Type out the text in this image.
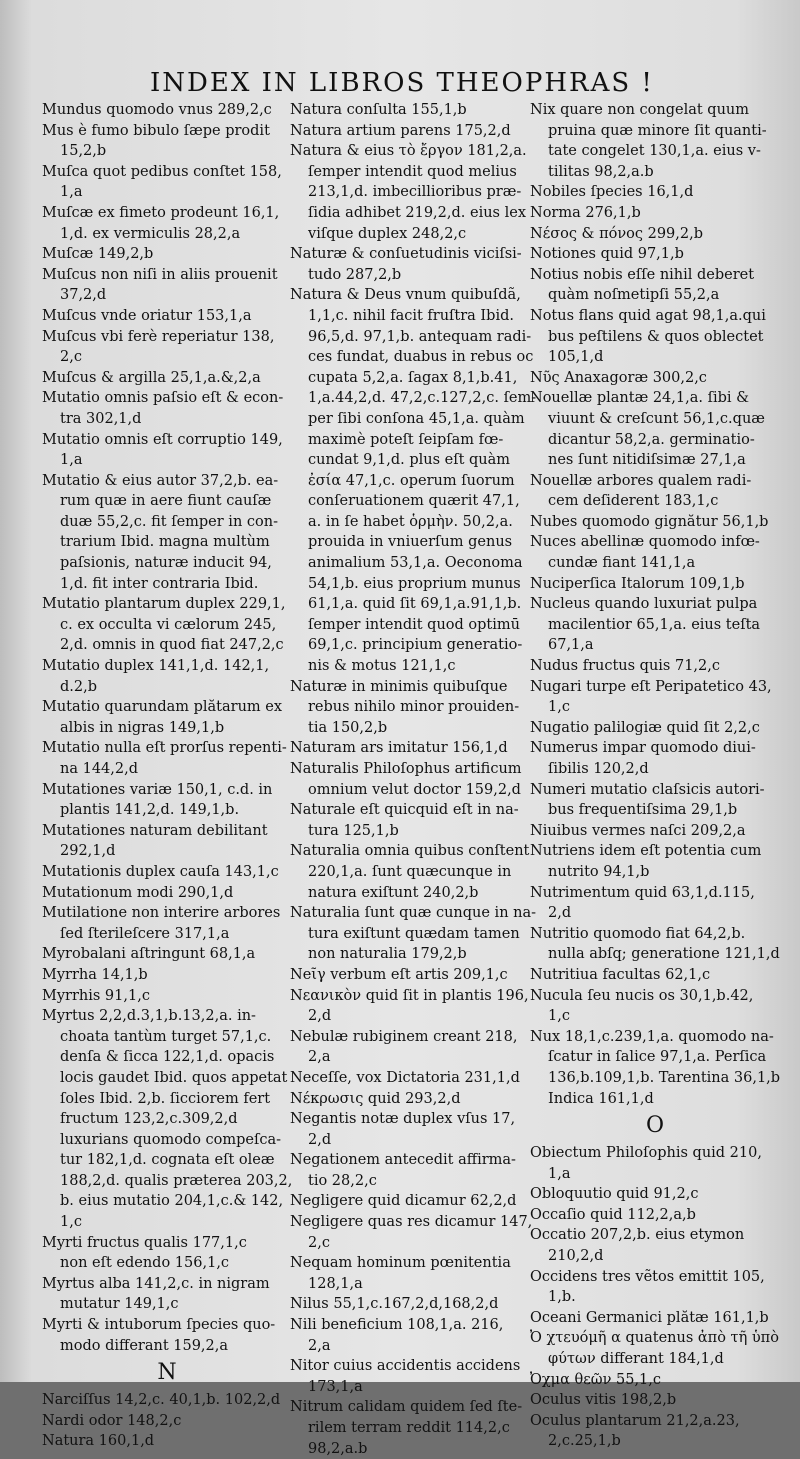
INDEX IN LIBROS THEOPHRAS !
Mundus quomodo vnus 289,2,c
Mus è fumo bibulo ſæpe prodit
15,2,b
Muſca quot pedibus conſtet 158,
1,a
Muſcæ ex fimeto prodeunt 16,1,
1,d. ex vermiculis 28,2,a
Muſcæ 149,2,b
Muſcus non niſi in aliis prouenit
37,2,d
Muſcus vnde oriatur 153,1,a
Muſcus vbi ferè reperiatur 138,
2,c
Muſcus & argilla 25,1,a.&,2,a
Mutatio omnis paſsio eſt & econ-
tra 302,1,d
Mutatio omnis eſt corruptio 149,
1,a
Mutatio & eius autor 37,2,b. ea-
rum quæ in aere fiunt cauſæ
duæ 55,2,c. fit ſemper in con-
trarium Ibid. magna multùm
paſsionis, naturæ inducit 94,
1,d. fit inter contraria Ibid.
Mutatio plantarum duplex 229,1,
c. ex occulta vi cælorum 245,
2,d. omnis in quod fiat 247,2,c
Mutatio duplex 141,1,d. 142,1,
d.2,b
Mutatio quarundam plătarum ex
albis in nigras 149,1,b
Mutatio nulla eſt prorſus repenti-
na 144,2,d
Mutationes variæ 150,1, c.d. in
plantis 141,2,d. 149,1,b.
Mutationes naturam debilitant
292,1,d
Mutationis duplex cauſa 143,1,c
Mutationum modi 290,1,d
Mutilatione non interire arbores
ſed ſterileſcere 317,1,a
Myrobalani aſtringunt 68,1,a
Myrrha 14,1,b
Myrrhis 91,1,c
Myrtus 2,2,d.3,1,b.13,2,a. in-
choata tantùm turget 57,1,c.
denſa & ſicca 122,1,d. opacis
locis gaudet Ibid. quos appetat
ſoles Ibid. 2,b. ſicciorem fert
fructum 123,2,c.309,2,d
luxurians quomodo compeſca-
tur 182,1,d. cognata eſt oleæ
188,2,d. qualis præterea 203,2,
b. eius mutatio 204,1,c.& 142,
1,c
Myrti fructus qualis 177,1,c
non eſt edendo 156,1,c
Myrtus alba 141,2,c. in nigram
mutatur 149,1,c
Myrti & intuborum ſpecies quo-
modo differant 159,2,a
N
Narciſſus 14,2,c. 40,1,b. 102,2,d
Nardi odor 148,2,c
Natura 160,1,d
Natura conſulta 155,1,b
Natura artium parens 175,2,d
Natura & eius τὸ ἔργον 181,2,a.
ſemper intendit quod melius
213,1,d. imbecillioribus præ-
ſidia adhibet 219,2,d. eius lex
viſque duplex 248,2,c
Naturæ & conſuetudinis viciſsi-
tudo 287,2,b
Natura & Deus vnum quibuſdã,
1,1,c. nihil facit fruſtra Ibid.
96,5,d. 97,1,b. antequam radi-
ces fundat, duabus in rebus oc
cupata 5,2,a. ſagax 8,1,b.41,
1,a.44,2,d. 47,2,c.127,2,c. ſem-
per ſibi conſona 45,1,a. quàm
maximè poteſt ſeipſam fœ-
cundat 9,1,d. plus eſt quàm
ἐσία 47,1,c. operum ſuorum
conſeruationem quærit 47,1,
a. in ſe habet ὁρμὴν. 50,2,a.
prouida in vniuerſum genus
animalium 53,1,a. Oeconoma
54,1,b. eius proprium munus
61,1,a. quid ſit 69,1,a.91,1,b.
ſemper intendit quod optimū
69,1,c. principium generatio-
nis & motus 121,1,c
Naturæ in minimis quibuſque
rebus nihilo minor prouiden-
tia 150,2,b
Naturam ars imitatur 156,1,d
Naturalis Philoſophus artificum
omnium velut doctor 159,2,d
Naturale eſt quicquid eſt in na-
tura 125,1,b
Naturalia omnia quibus conſtent
220,1,a. ſunt quæcunque in
natura exiſtunt 240,2,b
Naturalia ſunt quæ cunque in na-
tura exiſtunt quædam tamen
non naturalia 179,2,b
Neῖγ verbum eſt artis 209,1,c
Νεανικὸν quid ſit in plantis 196,
2,d
Nebulæ rubiginem creant 218,
2,a
Neceſſe, vox Dictatoria 231,1,d
Νέκρωσις quid 293,2,d
Negantis notæ duplex vſus 17,
2,d
Negationem antecedit affirma-
tio 28,2,c
Negligere quid dicamur 62,2,d
Negligere quas res dicamur 147,
2,c
Nequam hominum pœnitentia
128,1,a
Nilus 55,1,c.167,2,d,168,2,d
Nili beneficium 108,1,a. 216,
2,a
Nitor cuius accidentis accidens
173,1,a
Nitrum calidam quidem ſed ſte-
rilem terram reddit 114,2,c
98,2,a.b
Nix quare non congelat quum
pruina quæ minore ſit quanti-
tate congelet 130,1,a. eius v-
tilitas 98,2,a.b
Nobiles ſpecies 16,1,d
Norma 276,1,b
Νέσος & πόνος 299,2,b
Notiones quid 97,1,b
Notius nobis eſſe nihil deberet
quàm noſmetipſi 55,2,a
Notus flans quid agat 98,1,a.qui
bus peſtilens & quos oblectet
105,1,d
Νῦς Anaxagoræ 300,2,c
Nouellæ plantæ 24,1,a. ſibi &
viuunt & creſcunt 56,1,c.quæ
dicantur 58,2,a. germinatio-
nes ſunt nitidiſsimæ 27,1,a
Nouellæ arbores qualem radi-
cem deſiderent 183,1,c
Nubes quomodo gignătur 56,1,b
Nuces abellinæ quomodo infœ-
cundæ fiant 141,1,a
Nuciperſica Italorum 109,1,b
Nucleus quando luxuriat pulpa
macilentior 65,1,a. eius teſta
67,1,a
Nudus fructus quis 71,2,c
Nugari turpe eſt Peripatetico 43,
1,c
Nugatio palilogiæ quid ſit 2,2,c
Numerus impar quomodo diui-
ſibilis 120,2,d
Numeri mutatio claſsicis autori-
bus frequentiſsima 29,1,b
Niuibus vermes naſci 209,2,a
Nutriens idem eſt potentia cum
nutrito 94,1,b
Nutrimentum quid 63,1,d.115,
2,d
Nutritio quomodo fiat 64,2,b.
nulla abſq; generatione 121,1,d
Nutritiua facultas 62,1,c
Nucula ſeu nucis os 30,1,b.42,
1,c
Nux 18,1,c.239,1,a. quomodo na-
ſcatur in ſalice 97,1,a. Perſica
136,b.109,1,b. Tarentina 36,1,b
Indica 161,1,d
O
Obiectum Philoſophis quid 210,
1,a
Obloquutio quid 91,2,c
Occaſio quid 112,2,a,b
Occatio 207,2,b. eius etymon
210,2,d
Occidens tres vẽtos emittit 105,
1,b.
Oceani Germanici plătæ 161,1,b
Ὀ χτευόμῆ α quatenus ἀπὸ τῆ ὑπὸ
φύτων differant 184,1,d
Ὀχμα θεῶν 55,1,c
Oculus vitis 198,2,b
Oculus plantarum 21,2,a.23,
2,c.25,1,b
